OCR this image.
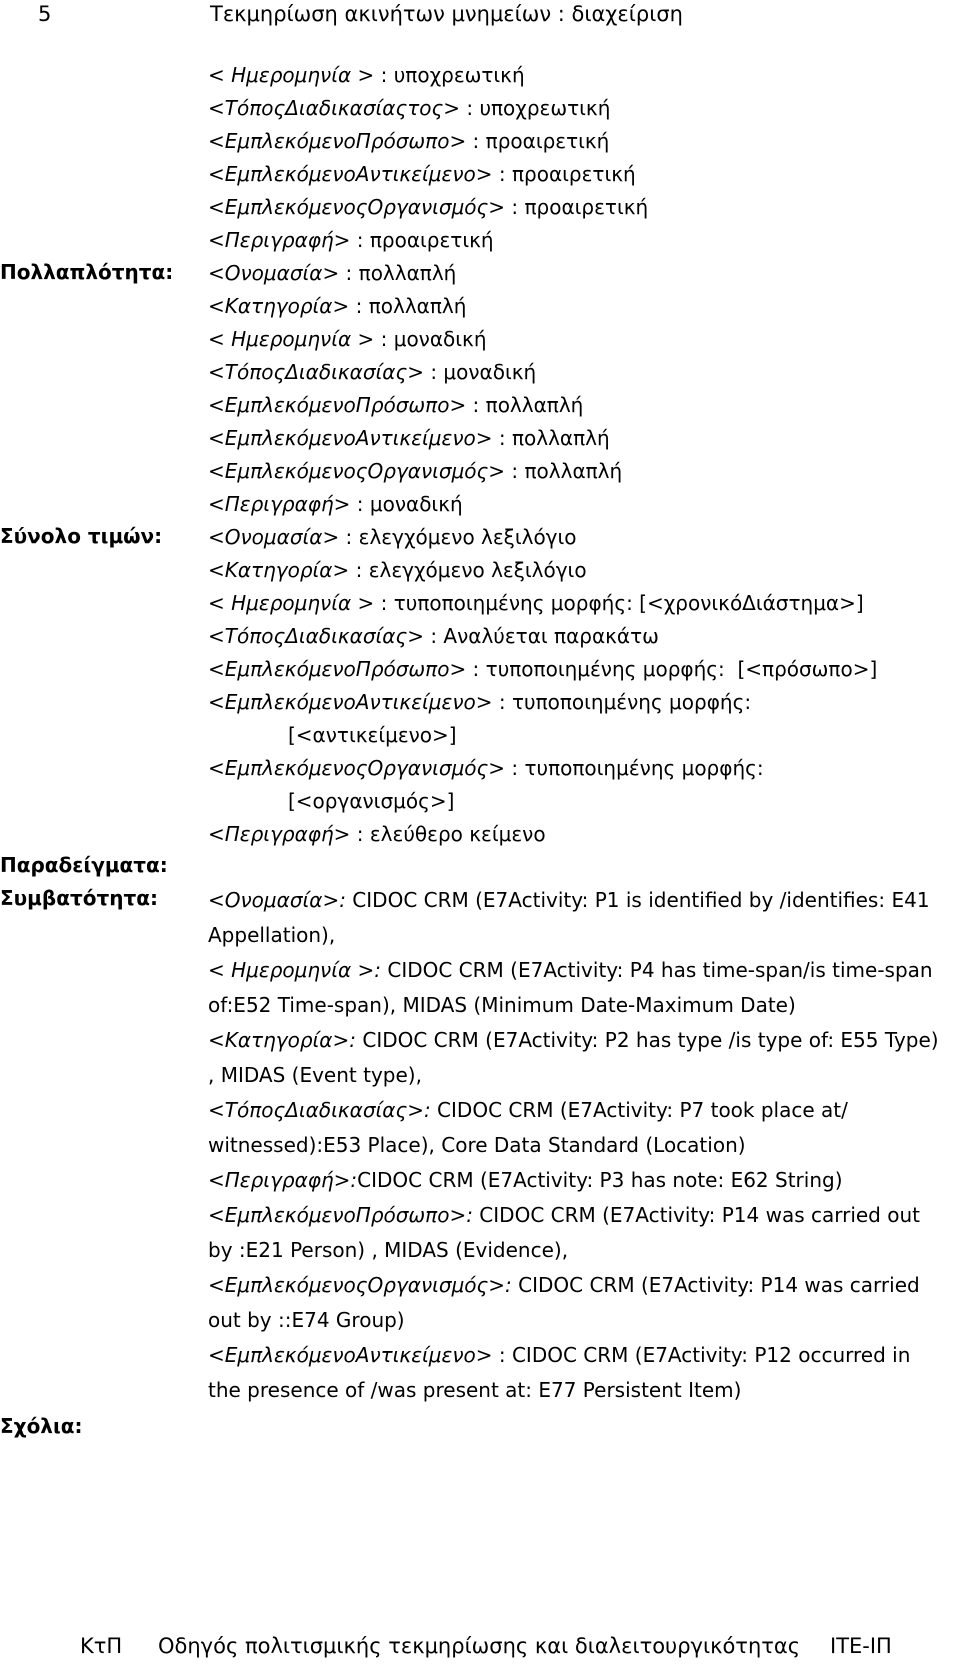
5	Τεκμηρίωση ακινήτων μνημείων : διαχείριση
Πολλαπλότητα:
Σύνολο τιμών:
Παραδείγματα:
Συμβατότητα:
Σχόλια:
< Ημερομηνία > : υποχρεωτική
<ΤόποςΔιαδικασίαςτος> : υποχρεωτική
<ΕμπλεκόμενοΠρόσωπο> : προαιρετική
<ΕμπλεκόμενοΑντικείμενο> : προαιρετική
<ΕμπλεκόμενοςΟργανισμός> : προαιρετική
<Περιγραφή> : προαιρετική
<Ονομασία> : πολλαπλή
<Κατηγορία> : πολλαπλή
< Ημερομηνία > : μοναδική
<ΤόποςΔιαδικασίας> : μοναδική
<ΕμπλεκόμενοΠρόσωπο> : πολλαπλή
<ΕμπλεκόμενοΑντικείμενο> : πολλαπλή
<ΕμπλεκόμενοςΟργανισμός> : πολλαπλή
<Περιγραφή> : μοναδική
<Ονομασία> : ελεγχόμενο λεξιλόγιο
<Κατηγορία> : ελεγχόμενο λεξιλόγιο
< Ημερομηνία > : τυποποιημένης μορφής: [<χρονικόΔιάστημα>]
<ΤόποςΔιαδικασίας> : Αναλύεται παρακάτω
<ΕμπλεκόμενοΠρόσωπο> : τυποποιημένης μορφής:  [<πρόσωπο>]
<ΕμπλεκόμενοΑντικείμενο> : τυποποιημένης μορφής:
[<αντικείμενο>]
<ΕμπλεκόμενοςΟργανισμός> : τυποποιημένης μορφής:
[<οργανισμός>]
<Περιγραφή> : ελεύθερο κείμενο
<Ονομασία>: CIDOC CRM (E7Activity: P1 is identified by /identifies: E41 Appellation),
< Ημερομηνία >: CIDOC CRM (E7Activity: P4 has time-span/is time-span of:E52 Time-span), MIDAS (Minimum Date-Maximum Date)
<Κατηγορία>: CIDOC CRM (E7Activity: P2 has type /is type of: E55 Type) , MIDAS (Event type),
<ΤόποςΔιαδικασίας>: CIDOC CRM (E7Activity: P7 took place at/ witnessed):E53 Place), Core Data Standard (Location)
<Περιγραφή>:CIDOC CRM (E7Activity: P3 has note: E62 String)
<ΕμπλεκόμενοΠρόσωπο>: CIDOC CRM (E7Activity: P14 was carried out by :E21 Person) , MIDAS (Evidence),
<ΕμπλεκόμενοςΟργανισμός>: CIDOC CRM (E7Activity: P14 was carried out by ::E74 Group)
<ΕμπλεκόμενοΑντικείμενο> : CIDOC CRM (E7Activity: P12 occurred in the presence of /was present at: E77 Persistent Item)
ΚτΠ Οδηγός πολιτισμικής τεκμηρίωσης και διαλειτουργικότητας ΙΤΕ-ΙΠ
